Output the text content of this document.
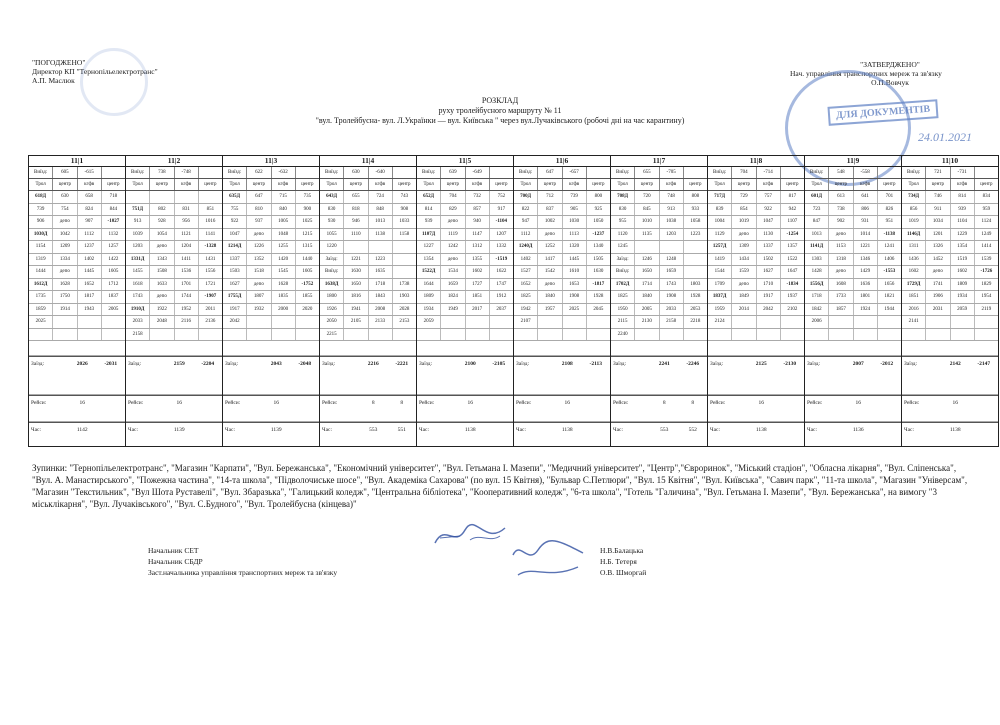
"ПОГОДЖЕНО"
Директор КП "Тернопільелектротранс"
А.П. Маслюк
"ЗАТВЕРДЖЕНО"
Нач. управління транспортних мереж та зв'язку
О.П.Вовчук
ДЛЯ ДОКУМЕНТІВ
24.01.2021
РОЗКЛАД
руху тролейбусного маршруту № 11
"вул. Тролейбусна- вул. Л.Українки — вул. Київська " через вул.Лучаківського (робочі дні на час карантину)
11|1
Виїзд:	605	-615
Трол	центр	кгфв	центр
618Д	630	658	718
739	754	824	844
906	депо	907	-1027
1030Д	1042	1112	1132
1154	1209	1237	1257
1319	1334	1402	1422
1444	депо	1445	1605
1612Д	1628	1652	1712
1735	1750	1817	1837
1859	1914	1943	2005
2025
Заїзд:	2026	-2031
Рейси:	16
Час:	1142
11|2
Виїзд:	738	-748
Трол	центр	кгфв	центр
751Д	802	831	851
913	928	956	1016
1039	1054	1121	1141
1203	депо	1204	-1328
1331Д	1343	1411	1431
1455	1508	1536	1556
1618	1633	1701	1721
1743	депо	1744	-1907
1910Д	1922	1952	2011
2033	2048	2116	2136
2158
Заїзд:	2159	-2204
Рейси:	16
Час:	1139
11|3
Виїзд:	622	-632
Трол	центр	кгфв	центр
635Д	647	715	735
755	810	840	900
922	937	1005	1025
1047	депо	1048	1215
1214Д	1226	1255	1315
1337	1352	1420	1440
1503	1518	1545	1605
1627	депо	1628	-1752
1755Д	1807	1835	1855
1917	1932	2000	2020
2042
Заїзд:	2043	-2048
Рейси:	16
Час:	1139
11|4
Виїзд:	630	-640
Трол	центр	кгфв	центр
643Д	655	724	743
830	818	848	908
930	946	1013	1033
1055	1110	1138	1158
1220
Заїзд:	1221	1223
Виїзд:	1630	1635
1638Д	1650	1718	1738
1800	1816	1843	1903
1926	1941	2008	2028
2050	2105	2133	2153
2215
Заїзд:	2216	-2221
Рейси:	8	8
Час:	553	551
11|5
Виїзд:	639	-649
Трол	центр	кгфв	центр
652Д	704	732	752
814	829	857	917
939	депо	940	-1104
1107Д	1119	1147	1207
1227	1242	1312	1332
1354	депо	1355	-1519
1522Д	1534	1602	1622
1644	1659	1727	1747
1809	1824	1851	1912
1934	1949	2017	2037
2059
Заїзд:	2100	-2105
Рейси:	16
Час:	1138
11|6
Виїзд:	647	-657
Трол	центр	кгфв	центр
700Д	712	739	800
822	837	905	925
947	1002	1030	1050
1112	депо	1113	-1237
1240Д	1252	1320	1340
1402	1417	1445	1505
1527	1542	1610	1630
1652	депо	1653	-1817
1825	1840	1908	1928
1942	1957	2025	2045
2107
Заїзд:	2108	-2113
Рейси:	16
Час:	1138
11|7
Виїзд:	655	-705
Трол	центр	кгфв	центр
708Д	720	748	808
830	845	913	933
955	1010	1038	1058
1120	1135	1203	1223
1245
Заїзд:	1246	1248
Виїзд:	1650	1659
1702Д	1714	1743	1803
1825	1840	1908	1928
1950	2005	2033	2053
2115	2130	2158	2218
2240
Заїзд:	2241	-2246
Рейси:	8	8
Час:	553	552
11|8
Виїзд:	704	-714
Трол	центр	кгфв	центр
717Д	729	757	817
839	854	922	942
1004	1019	1047	1107
1129	депо	1130	-1254
1257Д	1309	1337	1357
1419	1434	1502	1522
1544	1559	1627	1647
1709	депо	1710	-1834
1837Д	1849	1917	1937
1959	2014	2042	2102
2124
Заїзд:	2125	-2130
Рейси:	16
Час:	1138
11|9
Виїзд:	548	-558
Трол	центр	кгфв	центр
601Д	613	641	701
723	738	806	826
847	902	931	951
1013	депо	1014	-1138
1141Д	1153	1221	1241
1303	1318	1346	1406
1428	депо	1429	-1553
1556Д	1608	1636	1656
1718	1733	1801	1821
1842	1857	1924	1944
2006
Заїзд:	2007	-2012
Рейси:	16
Час:	1136
11|10
Виїзд:	721	-731
Трол	центр	кгфв	центр
734Д	746	814	834
856	911	939	959
1019	1034	1104	1124
1146Д	1201	1229	1249
1311	1326	1354	1414
1436	1452	1519	1539
1602	депо	1602	-1726
1729Д	1741	1809	1829
1851	1906	1934	1954
2016	2031	2059	2119
2141
Заїзд:	2142	-2147
Рейси:	16
Час:	1138
Зупинки: "Тернопільелектротранс", "Магазин "Карпати", "Вул. Бережанська", "Економічний університет", "Вул. Гетьмана І. Мазепи", "Медичний університет", "Центр","Євроринок", "Міський стадіон", "Обласна лікарня", "Вул. Сліпенська", "Вул. А. Манастирського", "Пожежна частина", "14-та школа", "Підволочиське шосе", "Вул. Академіка Сахарова" (по вул. 15 Квітня), "Бульвар С.Петлюри", "Вул. 15 Квітня", "Вул. Київська", "Савич парк", "11-та школа", "Магазин "Універсам", "Магазин "Текстильник", "Вул Шота Руставелі", "Вул. Збаразька", "Галицький коледж", "Центральна бібліотека", "Кооперативний коледж", "6-та школа", "Готель "Галичина", "Вул. Гетьмана І. Мазепи", "Вул. Бережанська", на вимогу "3 міськлікарня", "Вул. Лучаківського", "Вул. С.Будного", "Вул. Тролейбусна (кінцева)"
Начальник СЕТ
Начальник СБДР
Заст.начальника управління транспортних мереж та зв'язку
Н.В.Балацька
Н.Б. Тетеря
О.В. Шморгай
